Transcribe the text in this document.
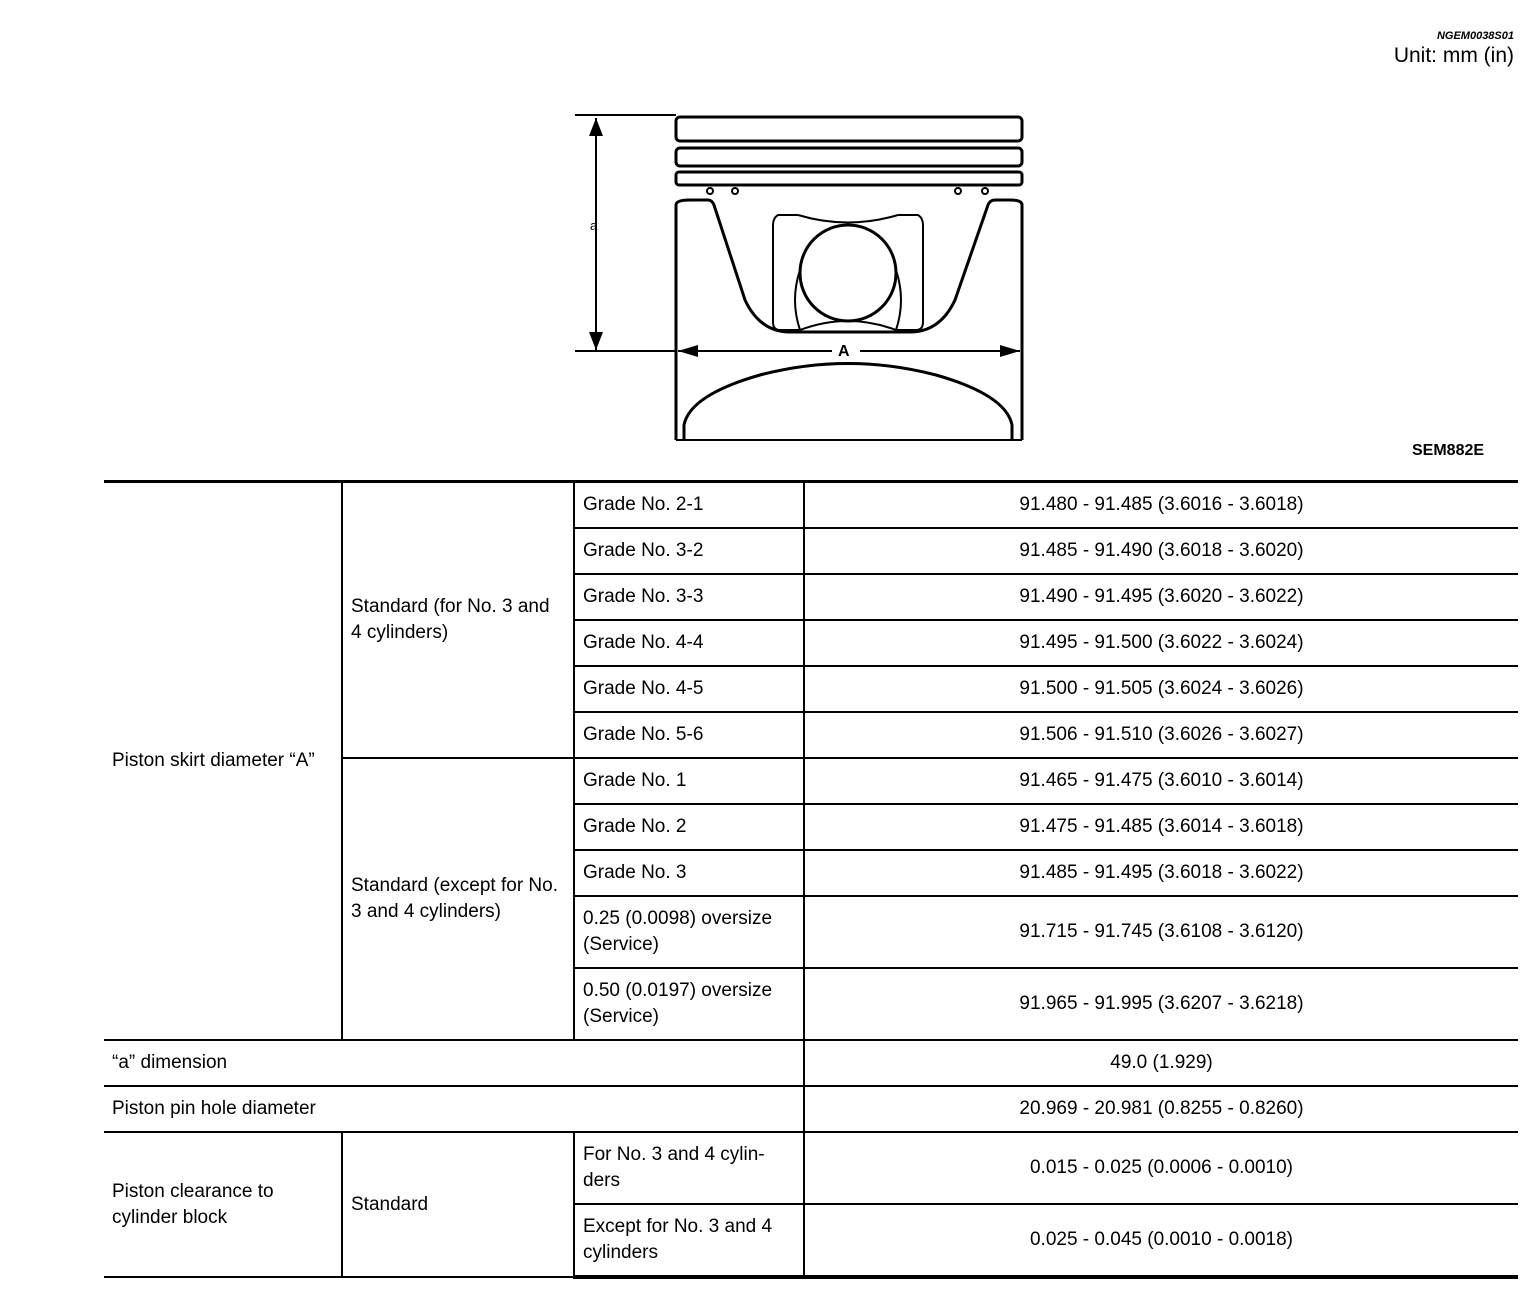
NGEM0038S01
Unit: mm (in)
a
A
SEM882E
Piston skirt diameter “A”	Standard (for No. 3 and 4 cylinders)	Grade No. 2-1	91.480 - 91.485 (3.6016 - 3.6018)
		Grade No. 3-2	91.485 - 91.490 (3.6018 - 3.6020)
		Grade No. 3-3	91.490 - 91.495 (3.6020 - 3.6022)
		Grade No. 4-4	91.495 - 91.500 (3.6022 - 3.6024)
		Grade No. 4-5	91.500 - 91.505 (3.6024 - 3.6026)
		Grade No. 5-6	91.506 - 91.510 (3.6026 - 3.6027)
	Standard (except for No. 3 and 4 cylinders)	Grade No. 1	91.465 - 91.475 (3.6010 - 3.6014)
		Grade No. 2	91.475 - 91.485 (3.6014 - 3.6018)
		Grade No. 3	91.485 - 91.495 (3.6018 - 3.6022)
		0.25 (0.0098) oversize (Service)	91.715 - 91.745 (3.6108 - 3.6120)
		0.50 (0.0197) oversize (Service)	91.965 - 91.995 (3.6207 - 3.6218)
“a” dimension			49.0 (1.929)
Piston pin hole diameter			20.969 - 20.981 (0.8255 - 0.8260)
Piston clearance to cylinder block	Standard	For No. 3 and 4 cylin-ders	0.015 - 0.025 (0.0006 - 0.0010)
		Except for No. 3 and 4 cylinders	0.025 - 0.045 (0.0010 - 0.0018)
